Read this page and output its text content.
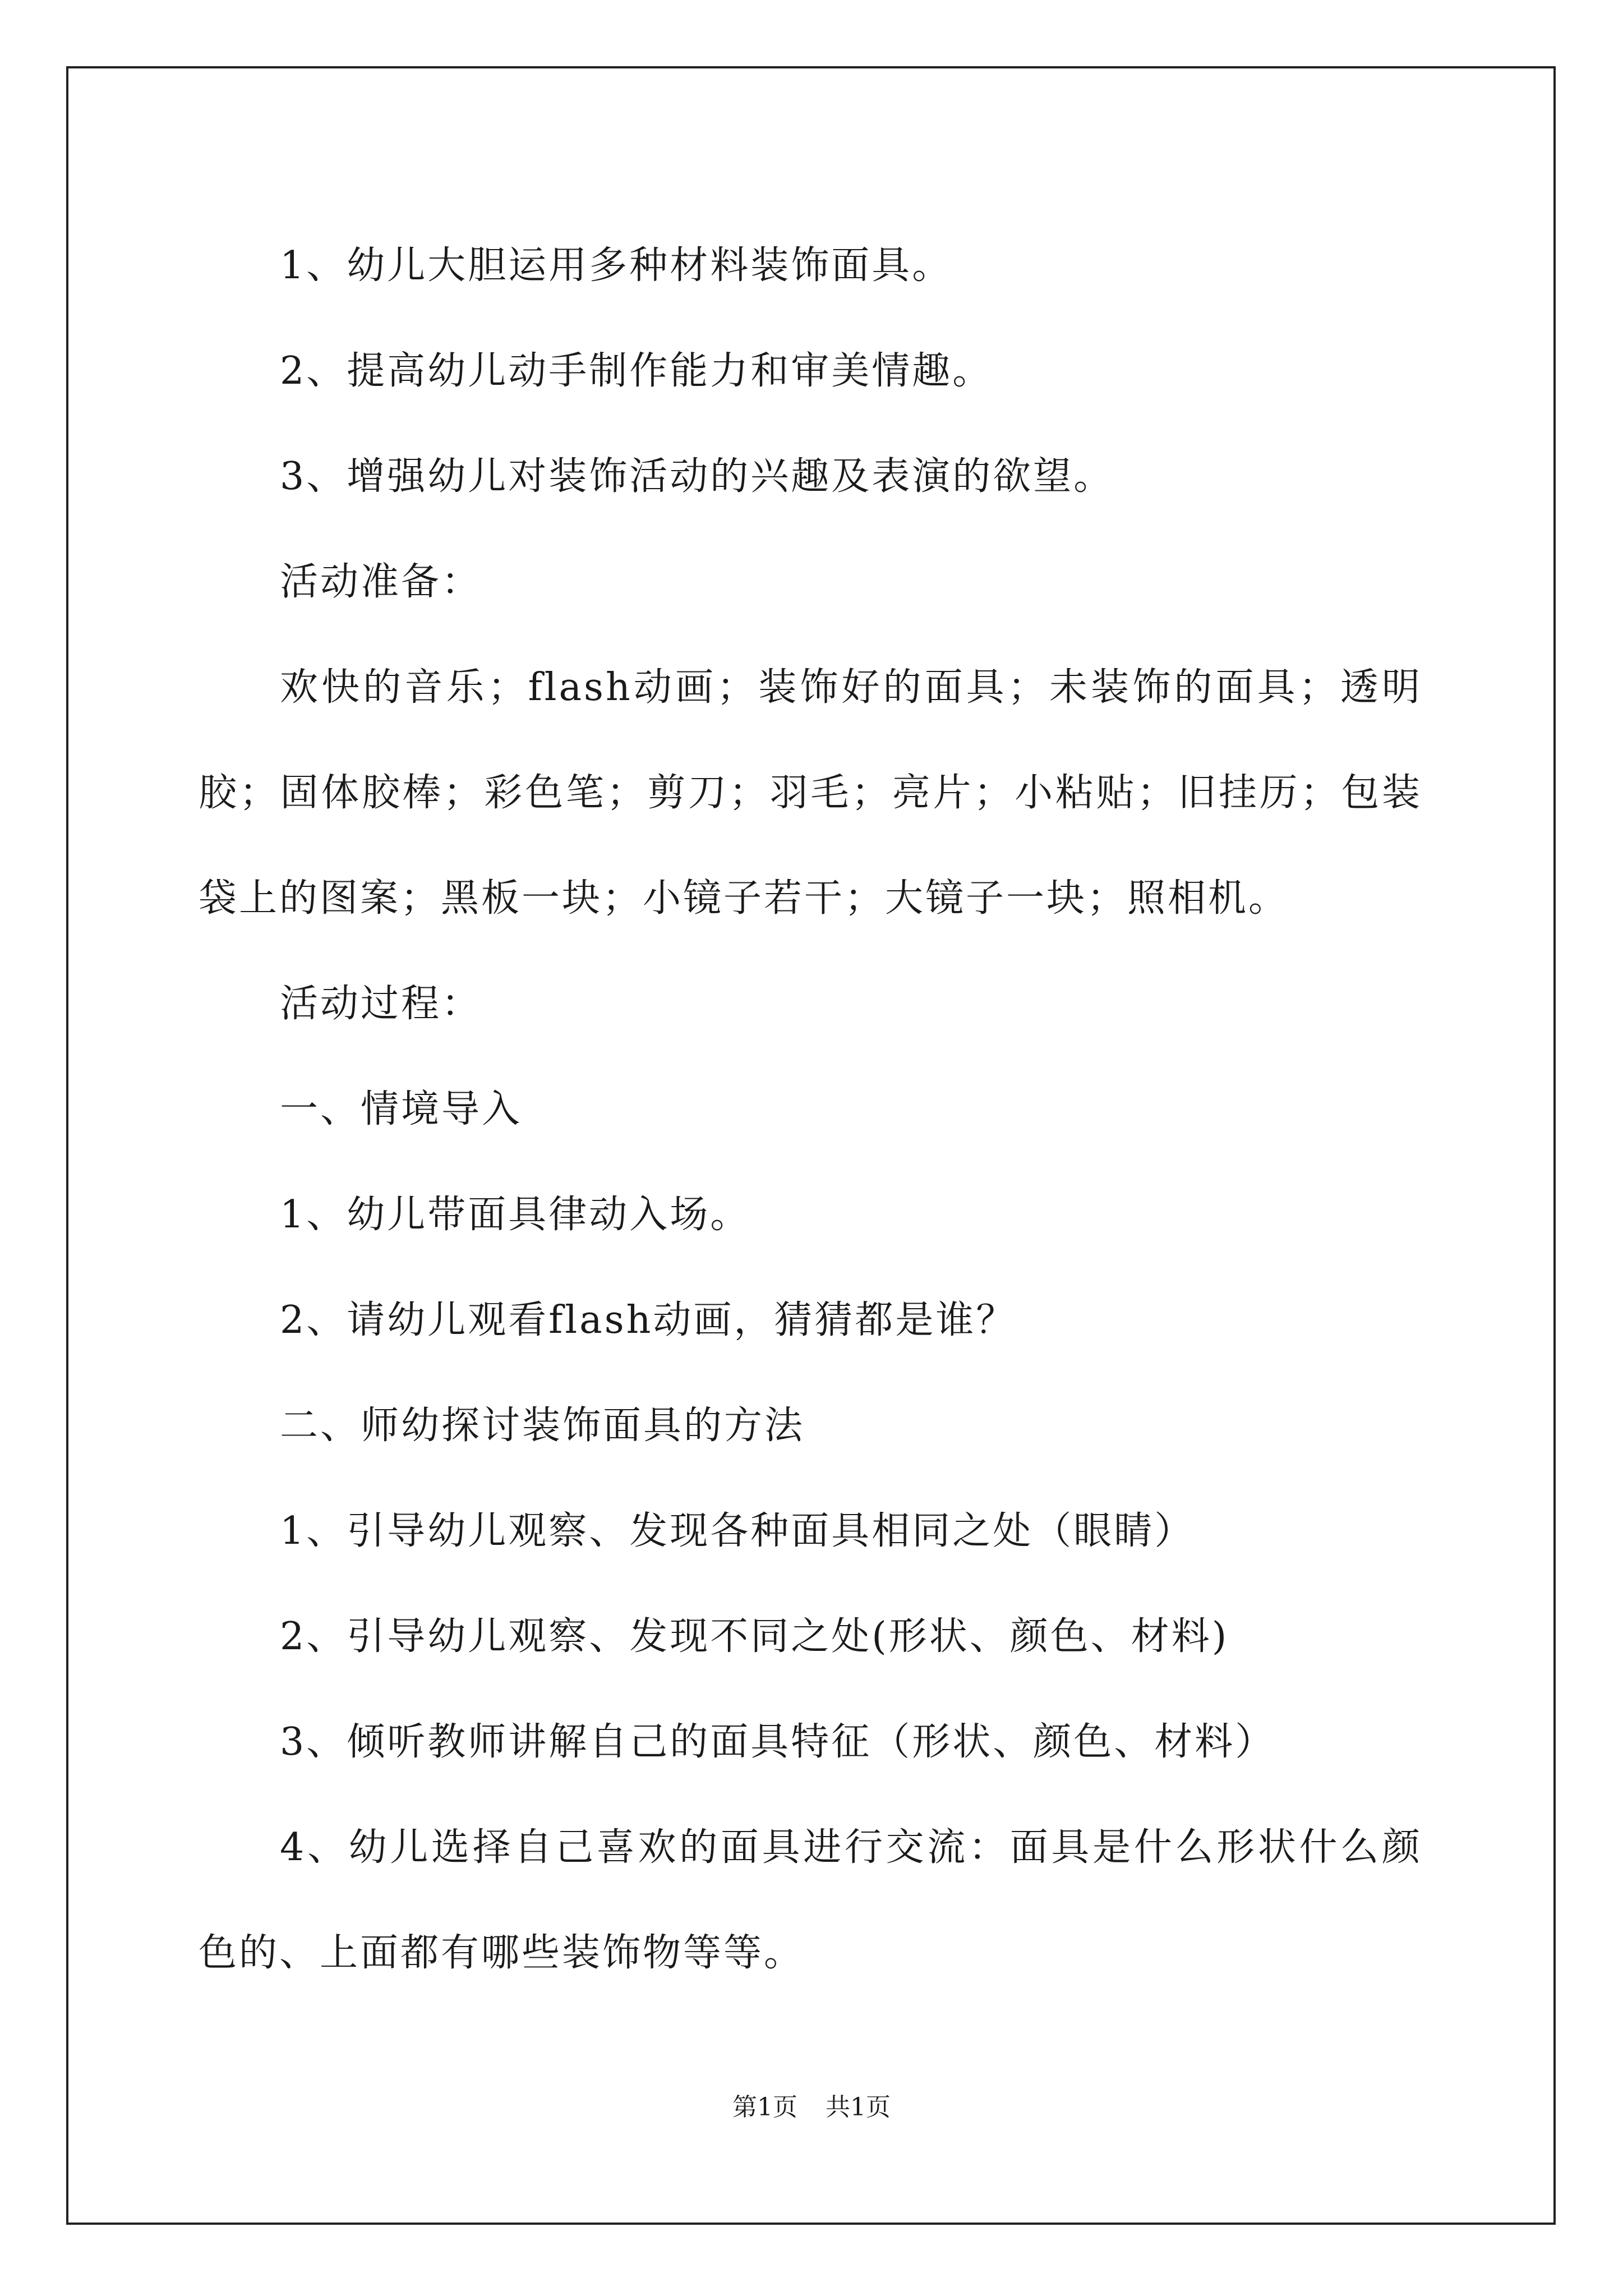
1、幼儿大胆运用多种材料装饰面具。

2、提高幼儿动手制作能力和审美情趣。

3、增强幼儿对装饰活动的兴趣及表演的欲望。

活动准备：

欢快的音乐；flash动画；装饰好的面具；未装饰的面具；透明胶；固体胶棒；彩色笔；剪刀；羽毛；亮片；小粘贴；旧挂历；包装袋上的图案；黑板一块；小镜子若干；大镜子一块；照相机。

活动过程：

一、情境导入

1、幼儿带面具律动入场。

2、请幼儿观看flash动画，猜猜都是谁？

二、师幼探讨装饰面具的方法

1、引导幼儿观察、发现各种面具相同之处（眼睛）

2、引导幼儿观察、发现不同之处(形状、颜色、材料)

3、倾听教师讲解自己的面具特征（形状、颜色、材料）

4、幼儿选择自己喜欢的面具进行交流：面具是什么形状什么颜色的、上面都有哪些装饰物等等。

第1页 共1页
